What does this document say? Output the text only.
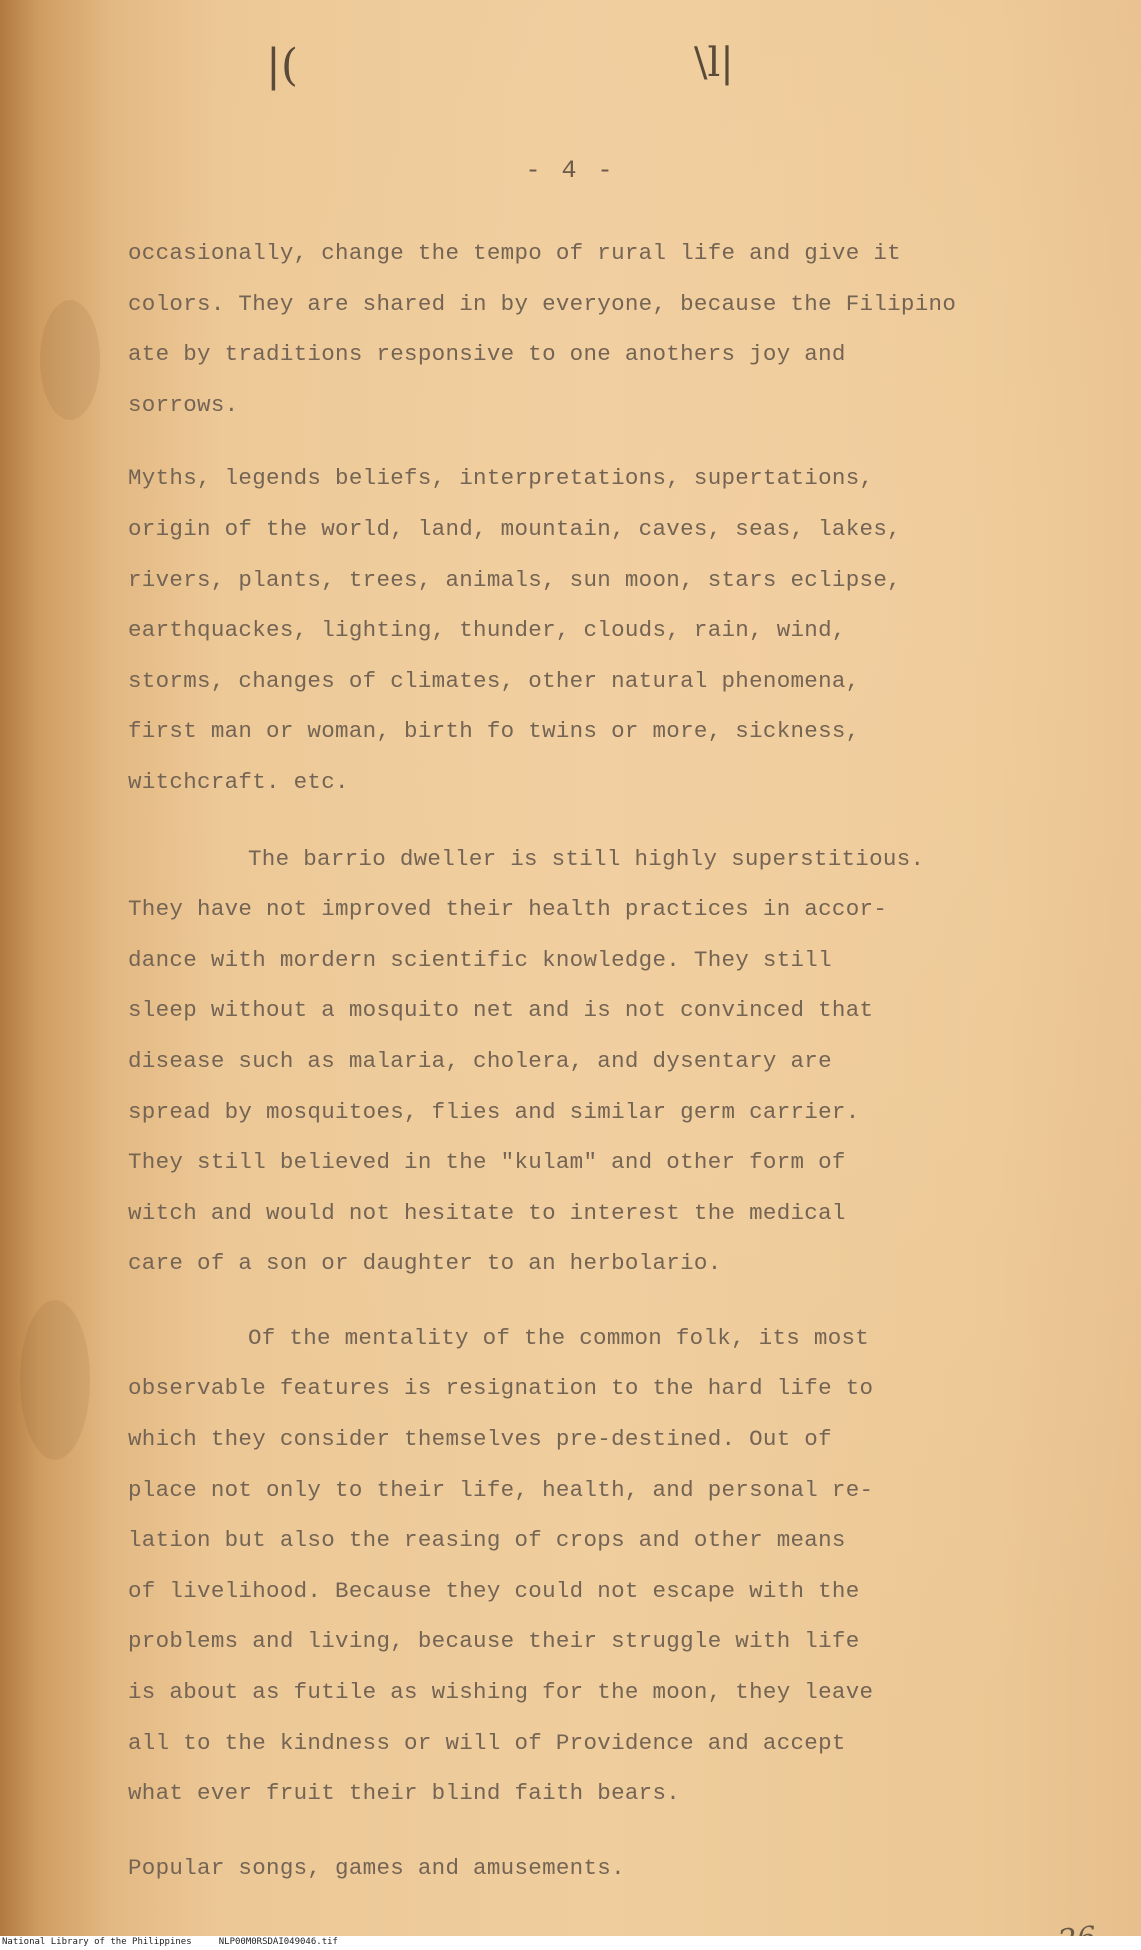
|(	\l|
- 4 -
occasionally, change the tempo of rural life and give it
colors. They are shared in by everyone, because the Filipino
ate by traditions responsive to one anothers joy and
sorrows.
Myths, legends beliefs, interpretations, supertations,
origin of the world, land, mountain, caves, seas, lakes,
rivers, plants, trees, animals, sun moon, stars eclipse,
earthquackes, lighting, thunder, clouds, rain, wind,
storms, changes of climates, other natural phenomena,
first man or woman, birth fo twins or more, sickness,
witchcraft. etc.
The barrio dweller is still highly superstitious.
They have not improved their health practices in accor-
dance with mordern scientific knowledge. They still
sleep without a mosquito net and is not convinced that
disease such as malaria, cholera, and dysentary are
spread by mosquitoes, flies and similar germ carrier.
They still believed in the "kulam" and other form of
witch and would not hesitate to interest the medical
care of a son or daughter to an herbolario.
Of the mentality of the common folk, its most
observable features is resignation to the hard life to
which they consider themselves pre-destined. Out of
place not only to their life, health, and personal re-
lation but also the reasing of crops and other means
of livelihood. Because they could not escape with the
problems and living, because their struggle with life
is about as futile as wishing for the moon, they leave
all to the kindness or will of Providence and accept
what ever fruit their blind faith bears.
Popular songs, games and amusements.
National Library of the Philippines     NLP00M0RSDAI049046.tif
